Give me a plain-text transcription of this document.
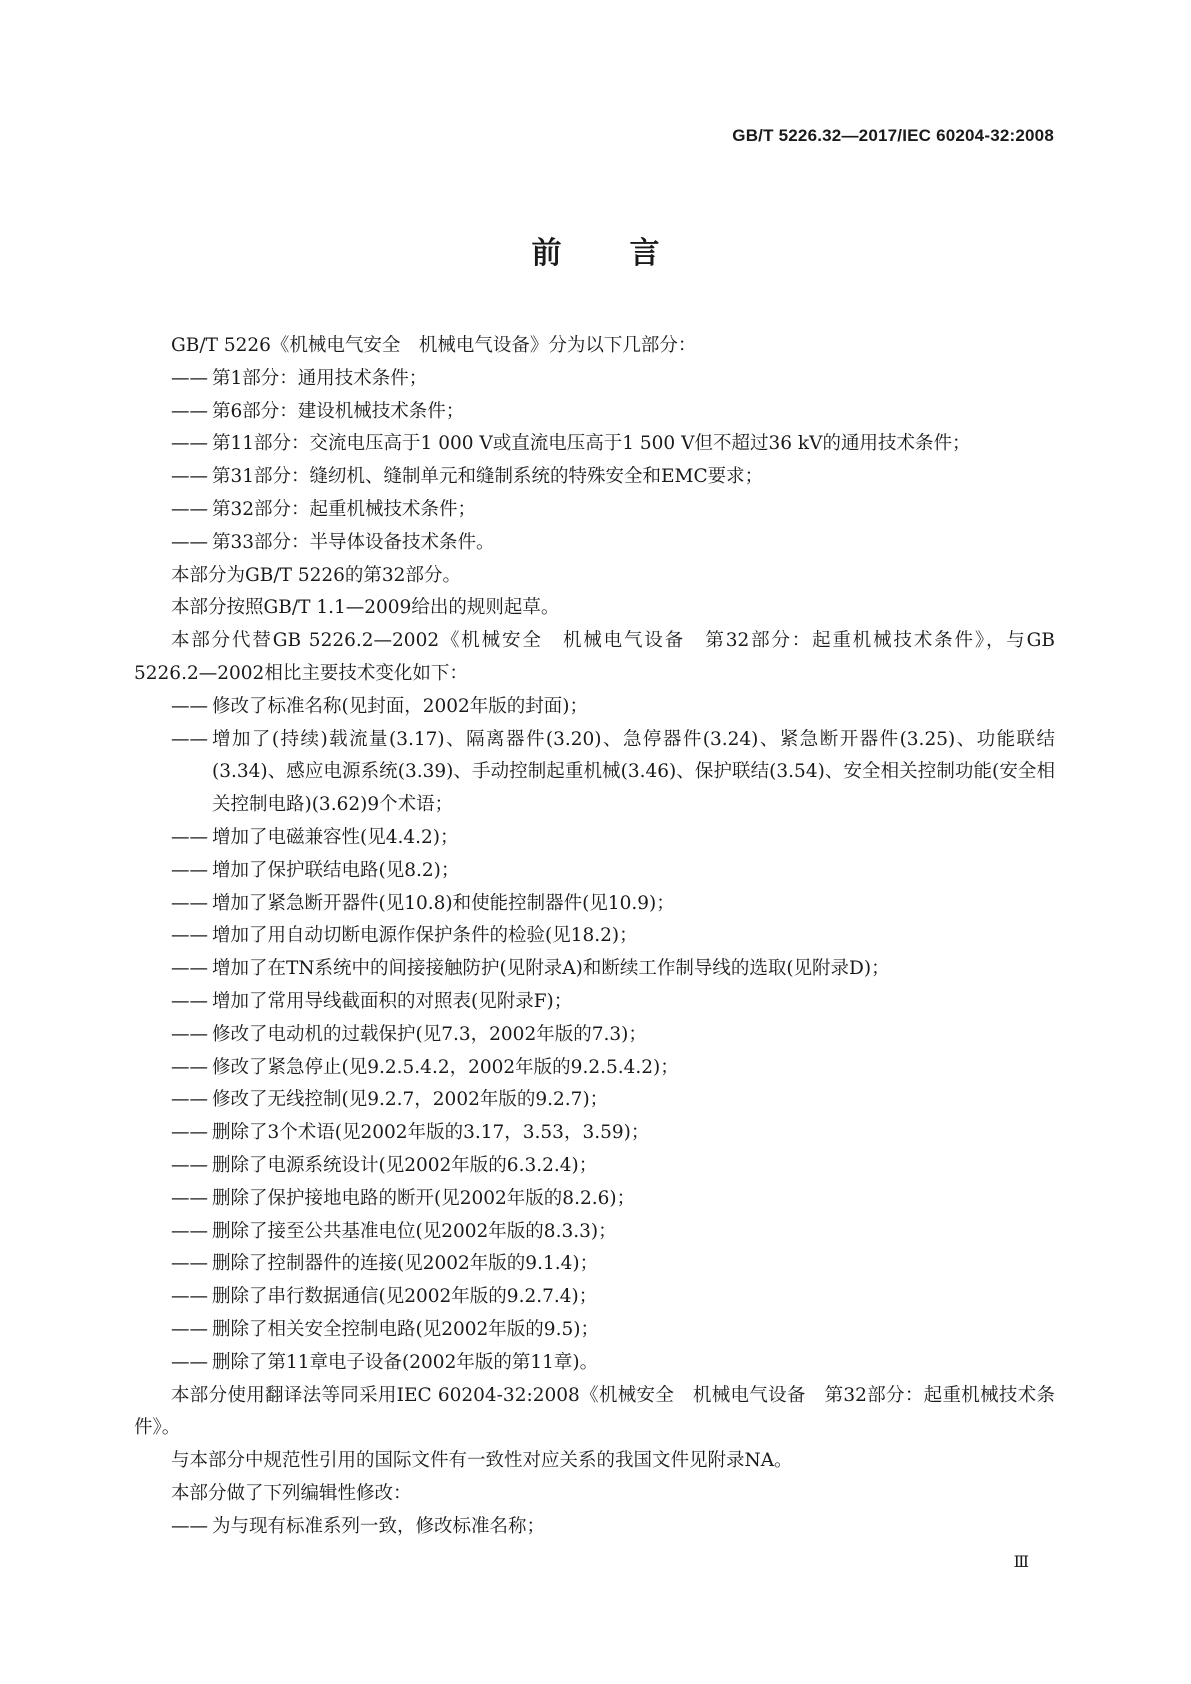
GB/T 5226.32—2017/IEC 60204-32:2008
前 言
GB/T 5226《机械电气安全　机械电气设备》分为以下几部分：
—— 第1部分：通用技术条件；
—— 第6部分：建设机械技术条件；
—— 第11部分：交流电压高于1 000 V或直流电压高于1 500 V但不超过36 kV的通用技术条件；
—— 第31部分：缝纫机、缝制单元和缝制系统的特殊安全和EMC要求；
—— 第32部分：起重机械技术条件；
—— 第33部分：半导体设备技术条件。
本部分为GB/T 5226的第32部分。
本部分按照GB/T 1.1—2009给出的规则起草。
本部分代替GB 5226.2—2002《机械安全　机械电气设备　第32部分：起重机械技术条件》，与GB 5226.2—2002相比主要技术变化如下：
—— 修改了标准名称(见封面，2002年版的封面)；
—— 增加了(持续)载流量(3.17)、隔离器件(3.20)、急停器件(3.24)、紧急断开器件(3.25)、功能联结(3.34)、感应电源系统(3.39)、手动控制起重机械(3.46)、保护联结(3.54)、安全相关控制功能(安全相关控制电路)(3.62)9个术语；
—— 增加了电磁兼容性(见4.4.2)；
—— 增加了保护联结电路(见8.2)；
—— 增加了紧急断开器件(见10.8)和使能控制器件(见10.9)；
—— 增加了用自动切断电源作保护条件的检验(见18.2)；
—— 增加了在TN系统中的间接接触防护(见附录A)和断续工作制导线的选取(见附录D)；
—— 增加了常用导线截面积的对照表(见附录F)；
—— 修改了电动机的过载保护(见7.3，2002年版的7.3)；
—— 修改了紧急停止(见9.2.5.4.2，2002年版的9.2.5.4.2)；
—— 修改了无线控制(见9.2.7，2002年版的9.2.7)；
—— 删除了3个术语(见2002年版的3.17，3.53，3.59)；
—— 删除了电源系统设计(见2002年版的6.3.2.4)；
—— 删除了保护接地电路的断开(见2002年版的8.2.6)；
—— 删除了接至公共基准电位(见2002年版的8.3.3)；
—— 删除了控制器件的连接(见2002年版的9.1.4)；
—— 删除了串行数据通信(见2002年版的9.2.7.4)；
—— 删除了相关安全控制电路(见2002年版的9.5)；
—— 删除了第11章电子设备(2002年版的第11章)。
本部分使用翻译法等同采用IEC 60204-32:2008《机械安全　机械电气设备　第32部分：起重机械技术条件》。
与本部分中规范性引用的国际文件有一致性对应关系的我国文件见附录NA。
本部分做了下列编辑性修改：
—— 为与现有标准系列一致，修改标准名称；
Ⅲ
